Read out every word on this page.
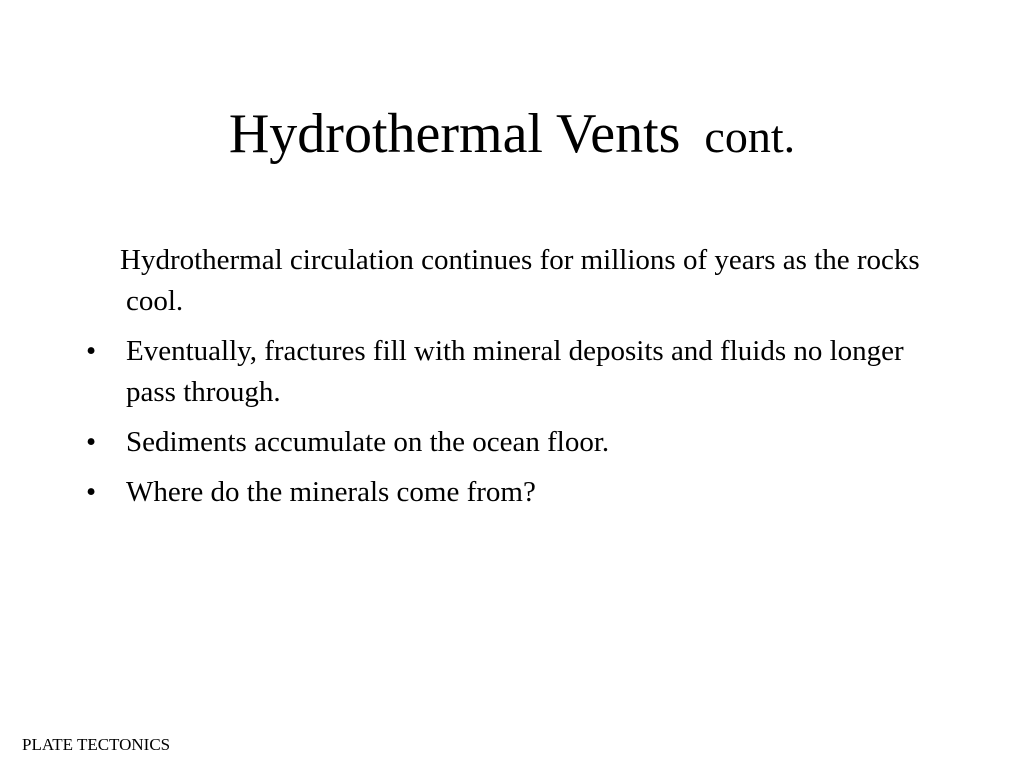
Hydrothermal Vents cont.

Hydrothermal circulation continues for millions of years as the rocks cool.

• Eventually, fractures fill with mineral deposits and fluids no longer pass through.
• Sediments accumulate on the ocean floor.
• Where do the minerals come from?
PLATE TECTONICS
